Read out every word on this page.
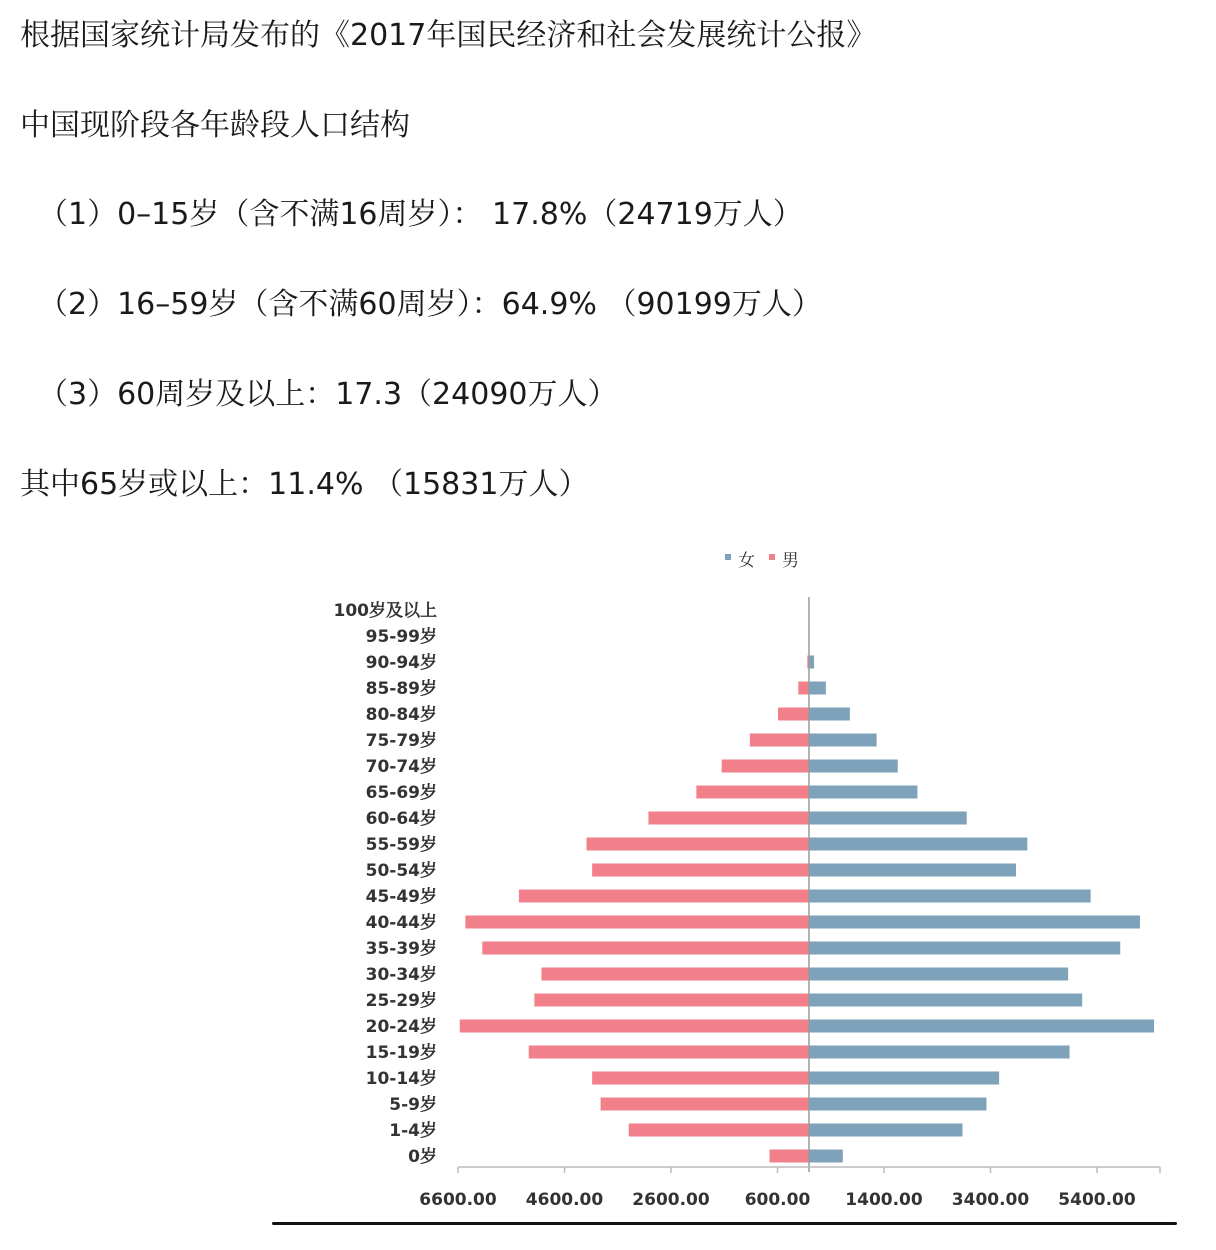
根据国家统计局发布的《2017年国民经济和社会发展统计公报》
中国现阶段各年龄段人口结构
（1）0–15岁（含不满16周岁）： 17.8%（24719万人）
（2）16–59岁（含不满60周岁）：64.9% （90199万人）
（3）60周岁及以上：17.3（24090万人）
其中65岁或以上：11.4% （15831万人）
女 男
100岁及以上
95-99岁
90-94岁
85-89岁
80-84岁
75-79岁
70-74岁
65-69岁
60-64岁
55-59岁
50-54岁
45-49岁
40-44岁
35-39岁
30-34岁
25-29岁
20-24岁
15-19岁
10-14岁
5-9岁
1-4岁
0岁
6600.00 4600.00 2600.00 600.00 1400.00 3400.00 5400.00
